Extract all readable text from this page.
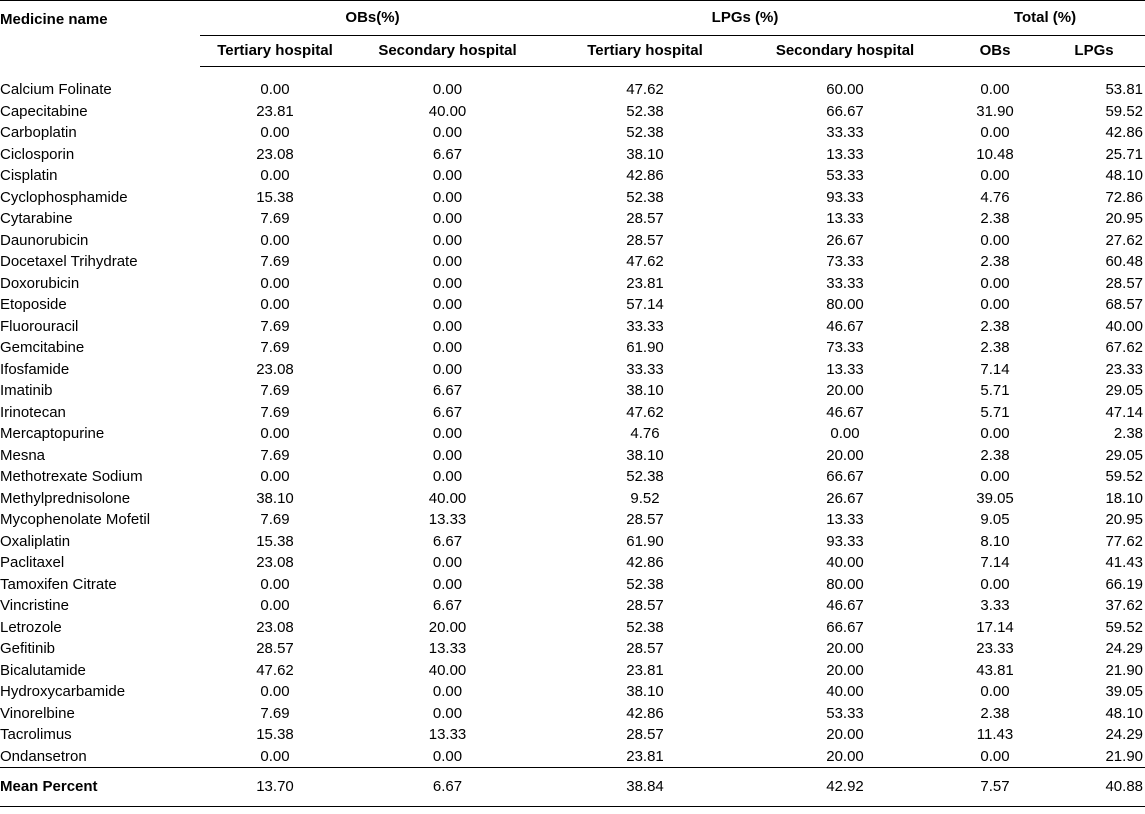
Medicine name	OBs(%)		LPGs (%)		Total (%)	
	Tertiary hospital	Secondary hospital	Tertiary hospital	Secondary hospital	OBs	LPGs

Calcium Folinate	0.00	0.00	47.62	60.00	0.00	53.81
Capecitabine	23.81	40.00	52.38	66.67	31.90	59.52
Carboplatin	0.00	0.00	52.38	33.33	0.00	42.86
Ciclosporin	23.08	6.67	38.10	13.33	10.48	25.71
Cisplatin	0.00	0.00	42.86	53.33	0.00	48.10
Cyclophosphamide	15.38	0.00	52.38	93.33	4.76	72.86
Cytarabine	7.69	0.00	28.57	13.33	2.38	20.95
Daunorubicin	0.00	0.00	28.57	26.67	0.00	27.62
Docetaxel Trihydrate	7.69	0.00	47.62	73.33	2.38	60.48
Doxorubicin	0.00	0.00	23.81	33.33	0.00	28.57
Etoposide	0.00	0.00	57.14	80.00	0.00	68.57
Fluorouracil	7.69	0.00	33.33	46.67	2.38	40.00
Gemcitabine	7.69	0.00	61.90	73.33	2.38	67.62
Ifosfamide	23.08	0.00	33.33	13.33	7.14	23.33
Imatinib	7.69	6.67	38.10	20.00	5.71	29.05
Irinotecan	7.69	6.67	47.62	46.67	5.71	47.14
Mercaptopurine	0.00	0.00	4.76	0.00	0.00	2.38
Mesna	7.69	0.00	38.10	20.00	2.38	29.05
Methotrexate Sodium	0.00	0.00	52.38	66.67	0.00	59.52
Methylprednisolone	38.10	40.00	9.52	26.67	39.05	18.10
Mycophenolate Mofetil	7.69	13.33	28.57	13.33	9.05	20.95
Oxaliplatin	15.38	6.67	61.90	93.33	8.10	77.62
Paclitaxel	23.08	0.00	42.86	40.00	7.14	41.43
Tamoxifen Citrate	0.00	0.00	52.38	80.00	0.00	66.19
Vincristine	0.00	6.67	28.57	46.67	3.33	37.62
Letrozole	23.08	20.00	52.38	66.67	17.14	59.52
Gefitinib	28.57	13.33	28.57	20.00	23.33	24.29
Bicalutamide	47.62	40.00	23.81	20.00	43.81	21.90
Hydroxycarbamide	0.00	0.00	38.10	40.00	0.00	39.05
Vinorelbine	7.69	0.00	42.86	53.33	2.38	48.10
Tacrolimus	15.38	13.33	28.57	20.00	11.43	24.29
Ondansetron	0.00	0.00	23.81	20.00	0.00	21.90
Mean Percent	13.70	6.67	38.84	42.92	7.57	40.88
